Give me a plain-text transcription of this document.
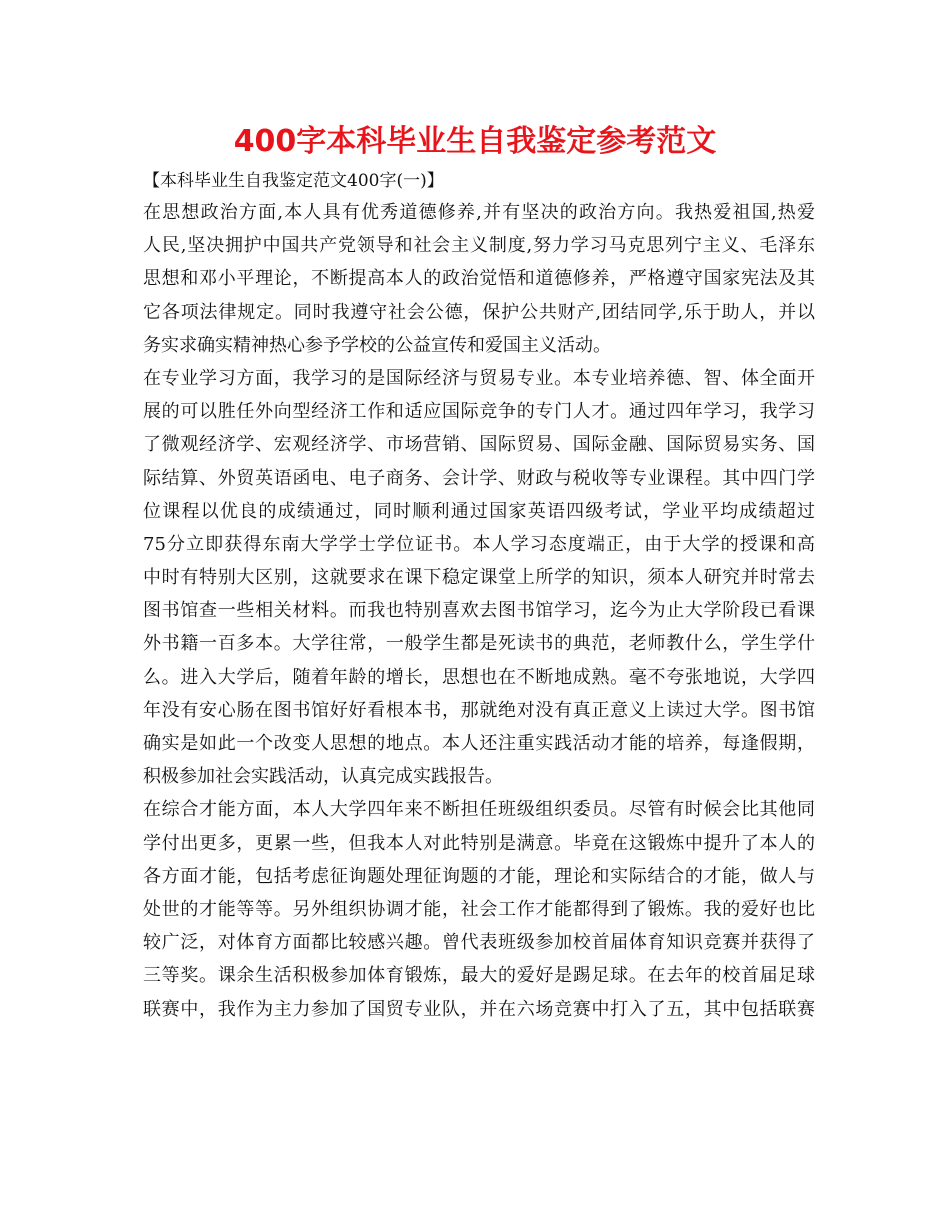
400字本科毕业生自我鉴定参考范文

【本科毕业生自我鉴定范文400字(一)】

在思想政治方面,本人具有优秀道德修养,并有坚决的政治方向。我热爱祖国,热爱
人民,坚决拥护中国共产党领导和社会主义制度,努力学习马克思列宁主义、毛泽东
思想和邓小平理论，不断提高本人的政治觉悟和道德修养，严格遵守国家宪法及其
它各项法律规定。同时我遵守社会公德，保护公共财产,团结同学,乐于助人，并以
务实求确实精神热心参予学校的公益宣传和爱国主义活动。
在专业学习方面，我学习的是国际经济与贸易专业。本专业培养德、智、体全面开
展的可以胜任外向型经济工作和适应国际竞争的专门人才。通过四年学习，我学习
了微观经济学、宏观经济学、市场营销、国际贸易、国际金融、国际贸易实务、国
际结算、外贸英语函电、电子商务、会计学、财政与税收等专业课程。其中四门学
位课程以优良的成绩通过，同时顺利通过国家英语四级考试，学业平均成绩超过
75分立即获得东南大学学士学位证书。本人学习态度端正，由于大学的授课和高
中时有特别大区别，这就要求在课下稳定课堂上所学的知识，须本人研究并时常去
图书馆查一些相关材料。而我也特别喜欢去图书馆学习，迄今为止大学阶段已看课
外书籍一百多本。大学往常，一般学生都是死读书的典范，老师教什么，学生学什
么。进入大学后，随着年龄的增长，思想也在不断地成熟。毫不夸张地说，大学四
年没有安心肠在图书馆好好看根本书，那就绝对没有真正意义上读过大学。图书馆
确实是如此一个改变人思想的地点。本人还注重实践活动才能的培养，每逢假期，
积极参加社会实践活动，认真完成实践报告。
在综合才能方面，本人大学四年来不断担任班级组织委员。尽管有时候会比其他同
学付出更多，更累一些，但我本人对此特别是满意。毕竟在这锻炼中提升了本人的
各方面才能，包括考虑征询题处理征询题的才能，理论和实际结合的才能，做人与
处世的才能等等。另外组织协调才能，社会工作才能都得到了锻炼。我的爱好也比
较广泛，对体育方面都比较感兴趣。曾代表班级参加校首届体育知识竞赛并获得了
三等奖。课余生活积极参加体育锻炼，最大的爱好是踢足球。在去年的校首届足球
联赛中，我作为主力参加了国贸专业队，并在六场竞赛中打入了五，其中包括联赛
